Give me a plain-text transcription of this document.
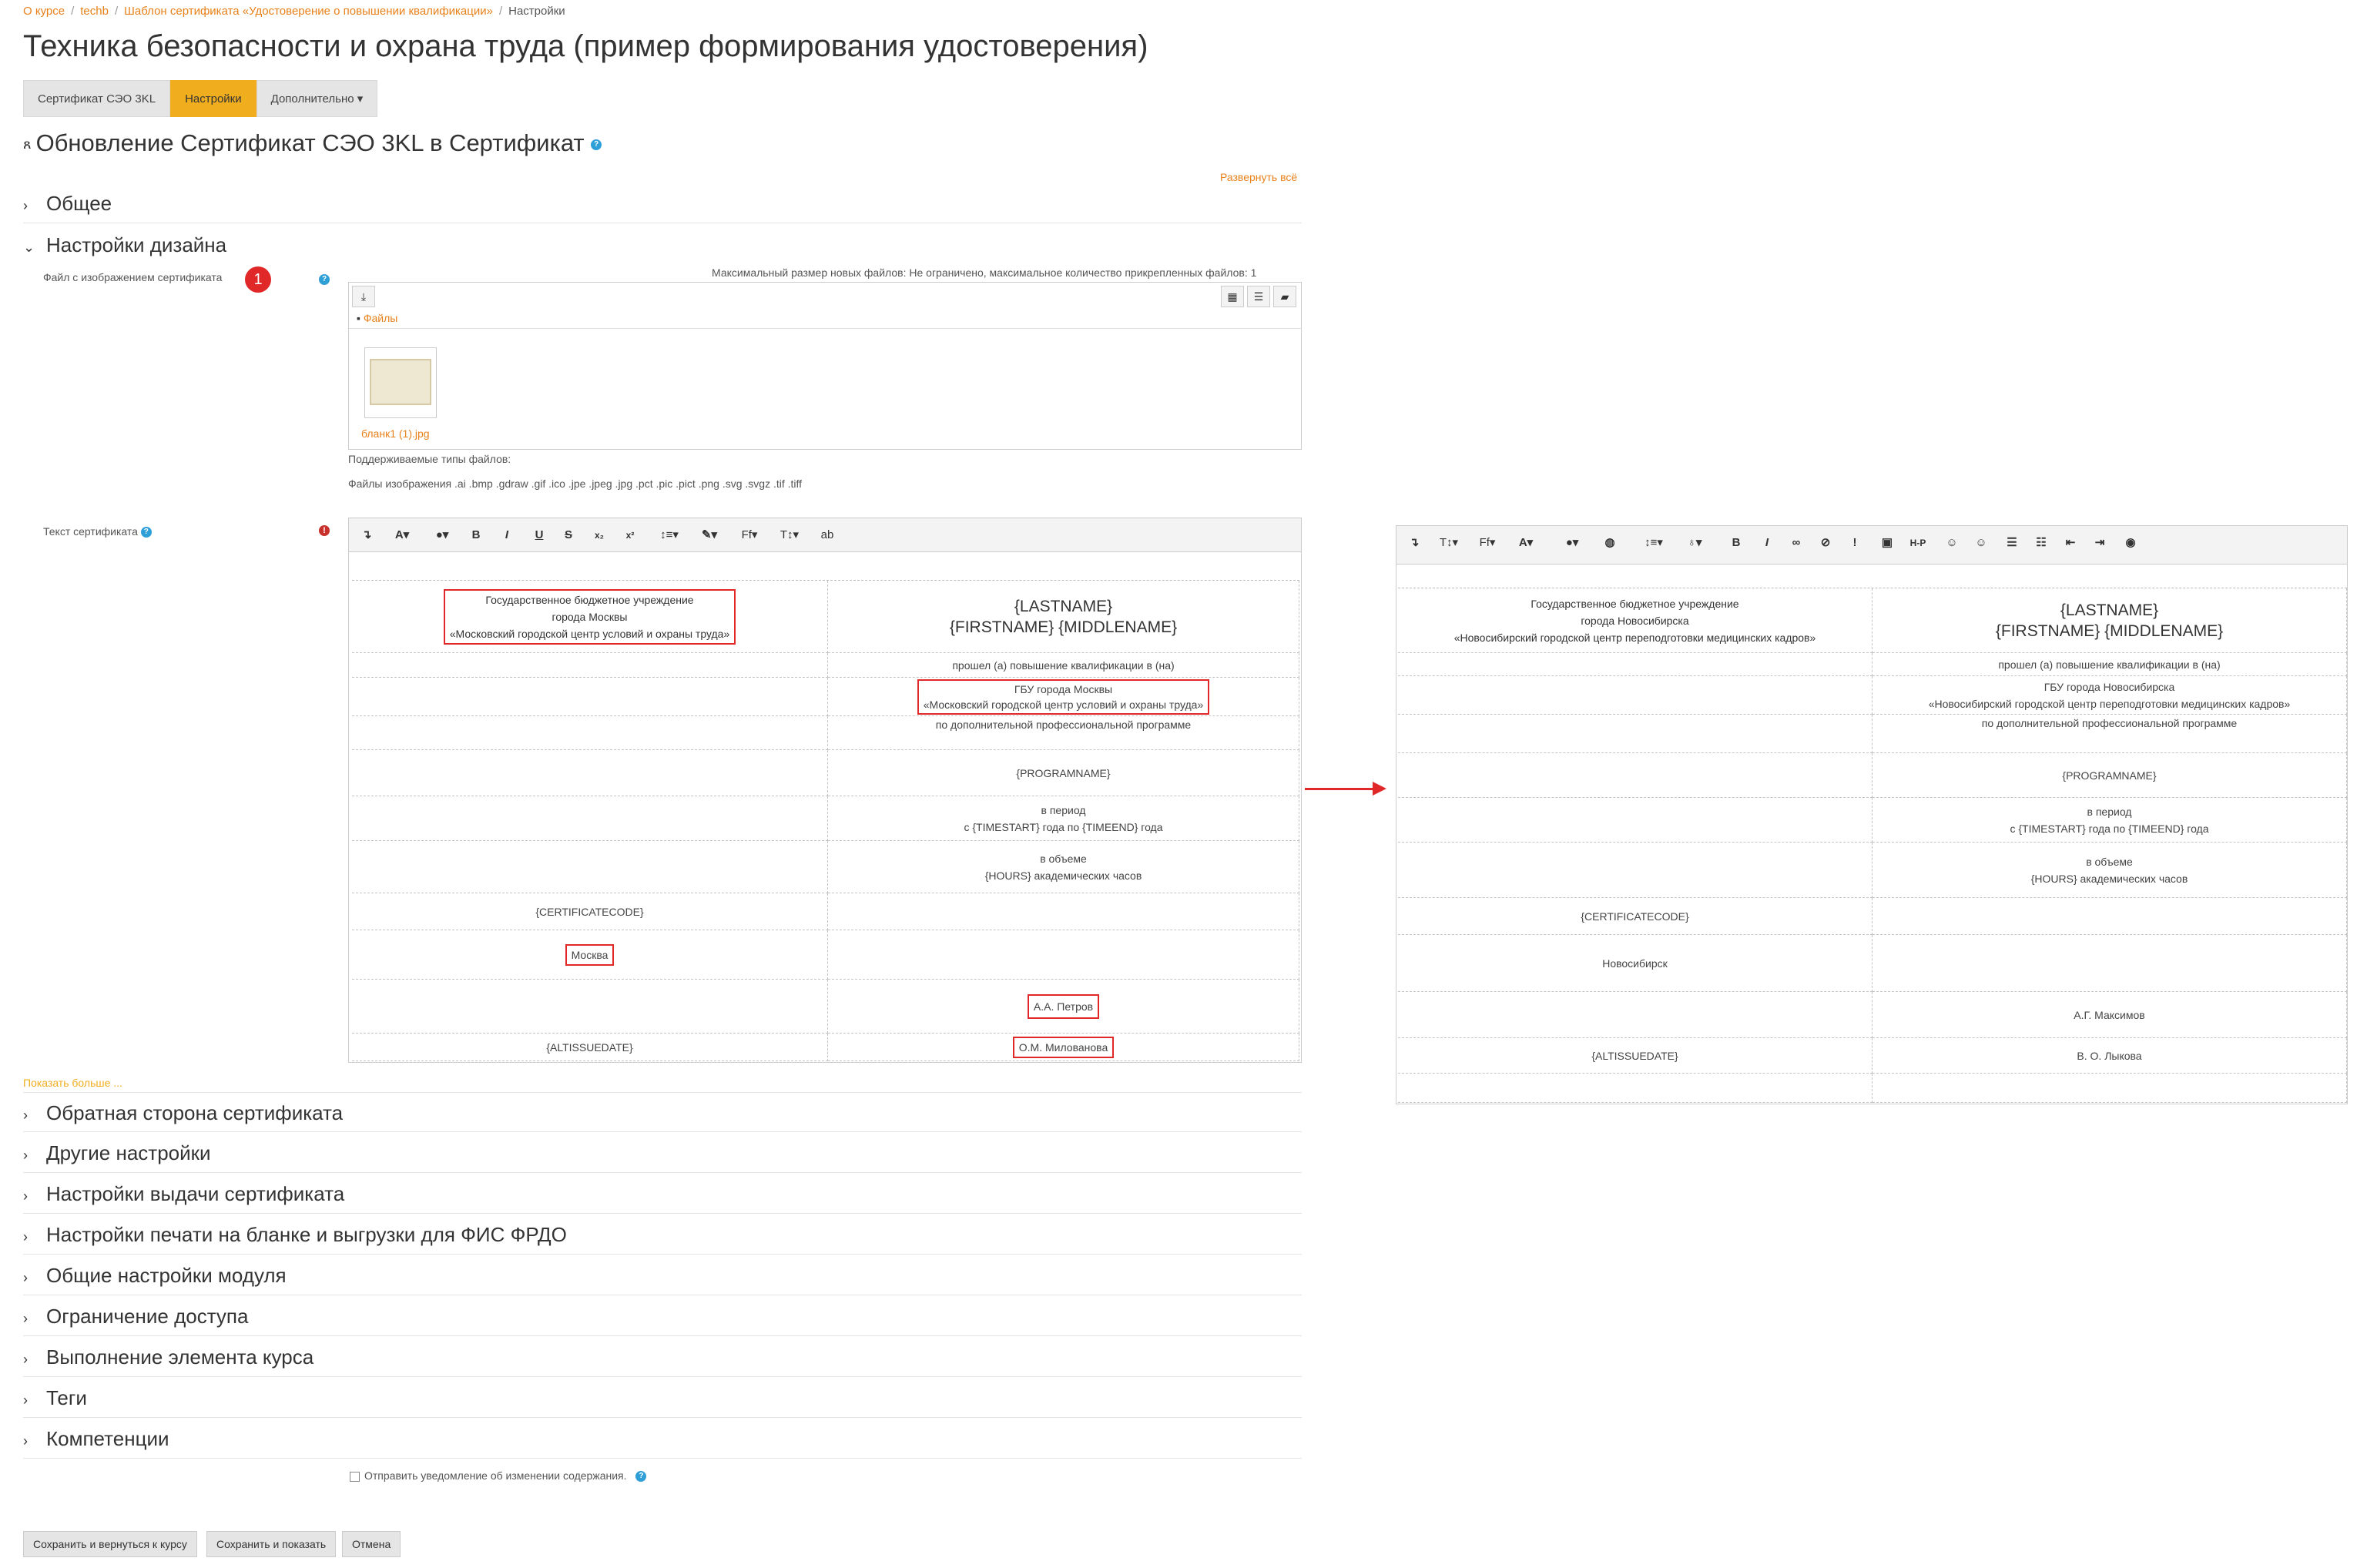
О курсе / techb / Шаблон сертификата «Удостоверение о повышении квалификации» / Настройки
Техника безопасности и охрана труда (пример формирования удостоверения)
Сертификат СЭО 3KL	Настройки	Дополнительно ▾
ጸ Обновление Сертификат СЭО 3KL в Сертификат ?
Развернуть всё
› Общее
⌄ Настройки дизайна
Файл с изображением сертификата	1	?
Максимальный размер новых файлов: Не ограничено, максимальное количество прикрепленных файлов: 1
⤓	▦	☰	▰
▪ Файлы
бланк1 (1).jpg
Поддерживаемые типы файлов:
Файлы изображения .ai .bmp .gdraw .gif .ico .jpe .jpeg .jpg .pct .pic .pict .png .svg .svgz .tif .tiff
Текст сертификата ?	!	↴	A▾	●▾	B	I	U	S	x₂	x²	↕≡▾	✎▾	Ff▾	T↕▾	ab
Государственное бюджетное учреждение
города Москвы
«Московский городской центр условий и охраны труда»
{LASTNAME}
{FIRSTNAME} {MIDDLENAME}
прошел (а) повышение квалификации в (на)
ГБУ города Москвы
«Московский городской центр условий и охраны труда»
по дополнительной профессиональной программе
{PROGRAMNAME}
в период
с {TIMESTART} года по {TIMEEND} года
в объеме
{HOURS} академических часов
{CERTIFICATECODE}
Москва
А.А. Петров
{ALTISSUEDATE}	О.М. Милованова
↴	T↕▾	Ff▾	A▾	●▾	◍	↕≡▾	♁▾	B	I	∞	⊘	!	▣	H-P	☺ ☺ ☰ ☷	⇤	⇥	◉
Государственное бюджетное учреждение
города Новосибирска
«Новосибирский городской центр переподготовки медицинских кадров»
{LASTNAME}
{FIRSTNAME} {MIDDLENAME}
прошел (а) повышение квалификации в (на)
ГБУ города Новосибирска
«Новосибирский городской центр переподготовки медицинских кадров»
по дополнительной профессиональной программе
{PROGRAMNAME}
в период
с {TIMESTART} года по {TIMEEND} года
в объеме
{HOURS} академических часов
{CERTIFICATECODE}
Новосибирск
А.Г. Максимов
{ALTISSUEDATE}	В. О. Лыкова
Показать больше ...
› Обратная сторона сертификата
› Другие настройки
› Настройки выдачи сертификата
› Настройки печати на бланке и выгрузки для ФИС ФРДО
› Общие настройки модуля
› Ограничение доступа
› Выполнение элемента курса
› Теги
› Компетенции
Отправить уведомление об изменении содержания. ?
Сохранить и вернуться к курсу	Сохранить и показать	Отмена
